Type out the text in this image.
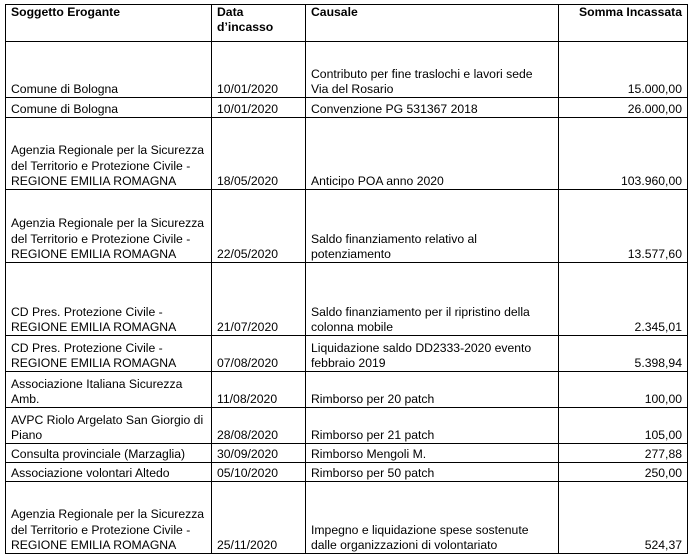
Soggetto Erogante	Data d’incasso	Causale	Somma Incassata
Comune di Bologna	10/01/2020	Contributo per fine traslochi e lavori sede Via del Rosario	15.000,00
Comune di Bologna	10/01/2020	Convenzione PG 531367 2018	26.000,00
Agenzia Regionale per la Sicurezza del Territorio e Protezione Civile - REGIONE EMILIA ROMAGNA	18/05/2020	Anticipo POA anno 2020	103.960,00
Agenzia Regionale per la Sicurezza del Territorio e Protezione Civile - REGIONE EMILIA ROMAGNA	22/05/2020	Saldo finanziamento relativo al potenziamento	13.577,60
CD Pres. Protezione Civile - REGIONE EMILIA ROMAGNA	21/07/2020	Saldo finanziamento per il ripristino della colonna mobile	2.345,01
CD Pres. Protezione Civile - REGIONE EMILIA ROMAGNA	07/08/2020	Liquidazione saldo DD2333-2020 evento febbraio 2019	5.398,94
Associazione Italiana Sicurezza Amb.	11/08/2020	Rimborso per 20 patch	100,00
AVPC Riolo Argelato San Giorgio di Piano	28/08/2020	Rimborso per 21 patch	105,00
Consulta provinciale (Marzaglia)	30/09/2020	Rimborso Mengoli M.	277,88
Associazione volontari Altedo	05/10/2020	Rimborso per 50 patch	250,00
Agenzia Regionale per la Sicurezza del Territorio e Protezione Civile - REGIONE EMILIA ROMAGNA	25/11/2020	Impegno e liquidazione spese sostenute dalle organizzazioni di volontariato	524,37
